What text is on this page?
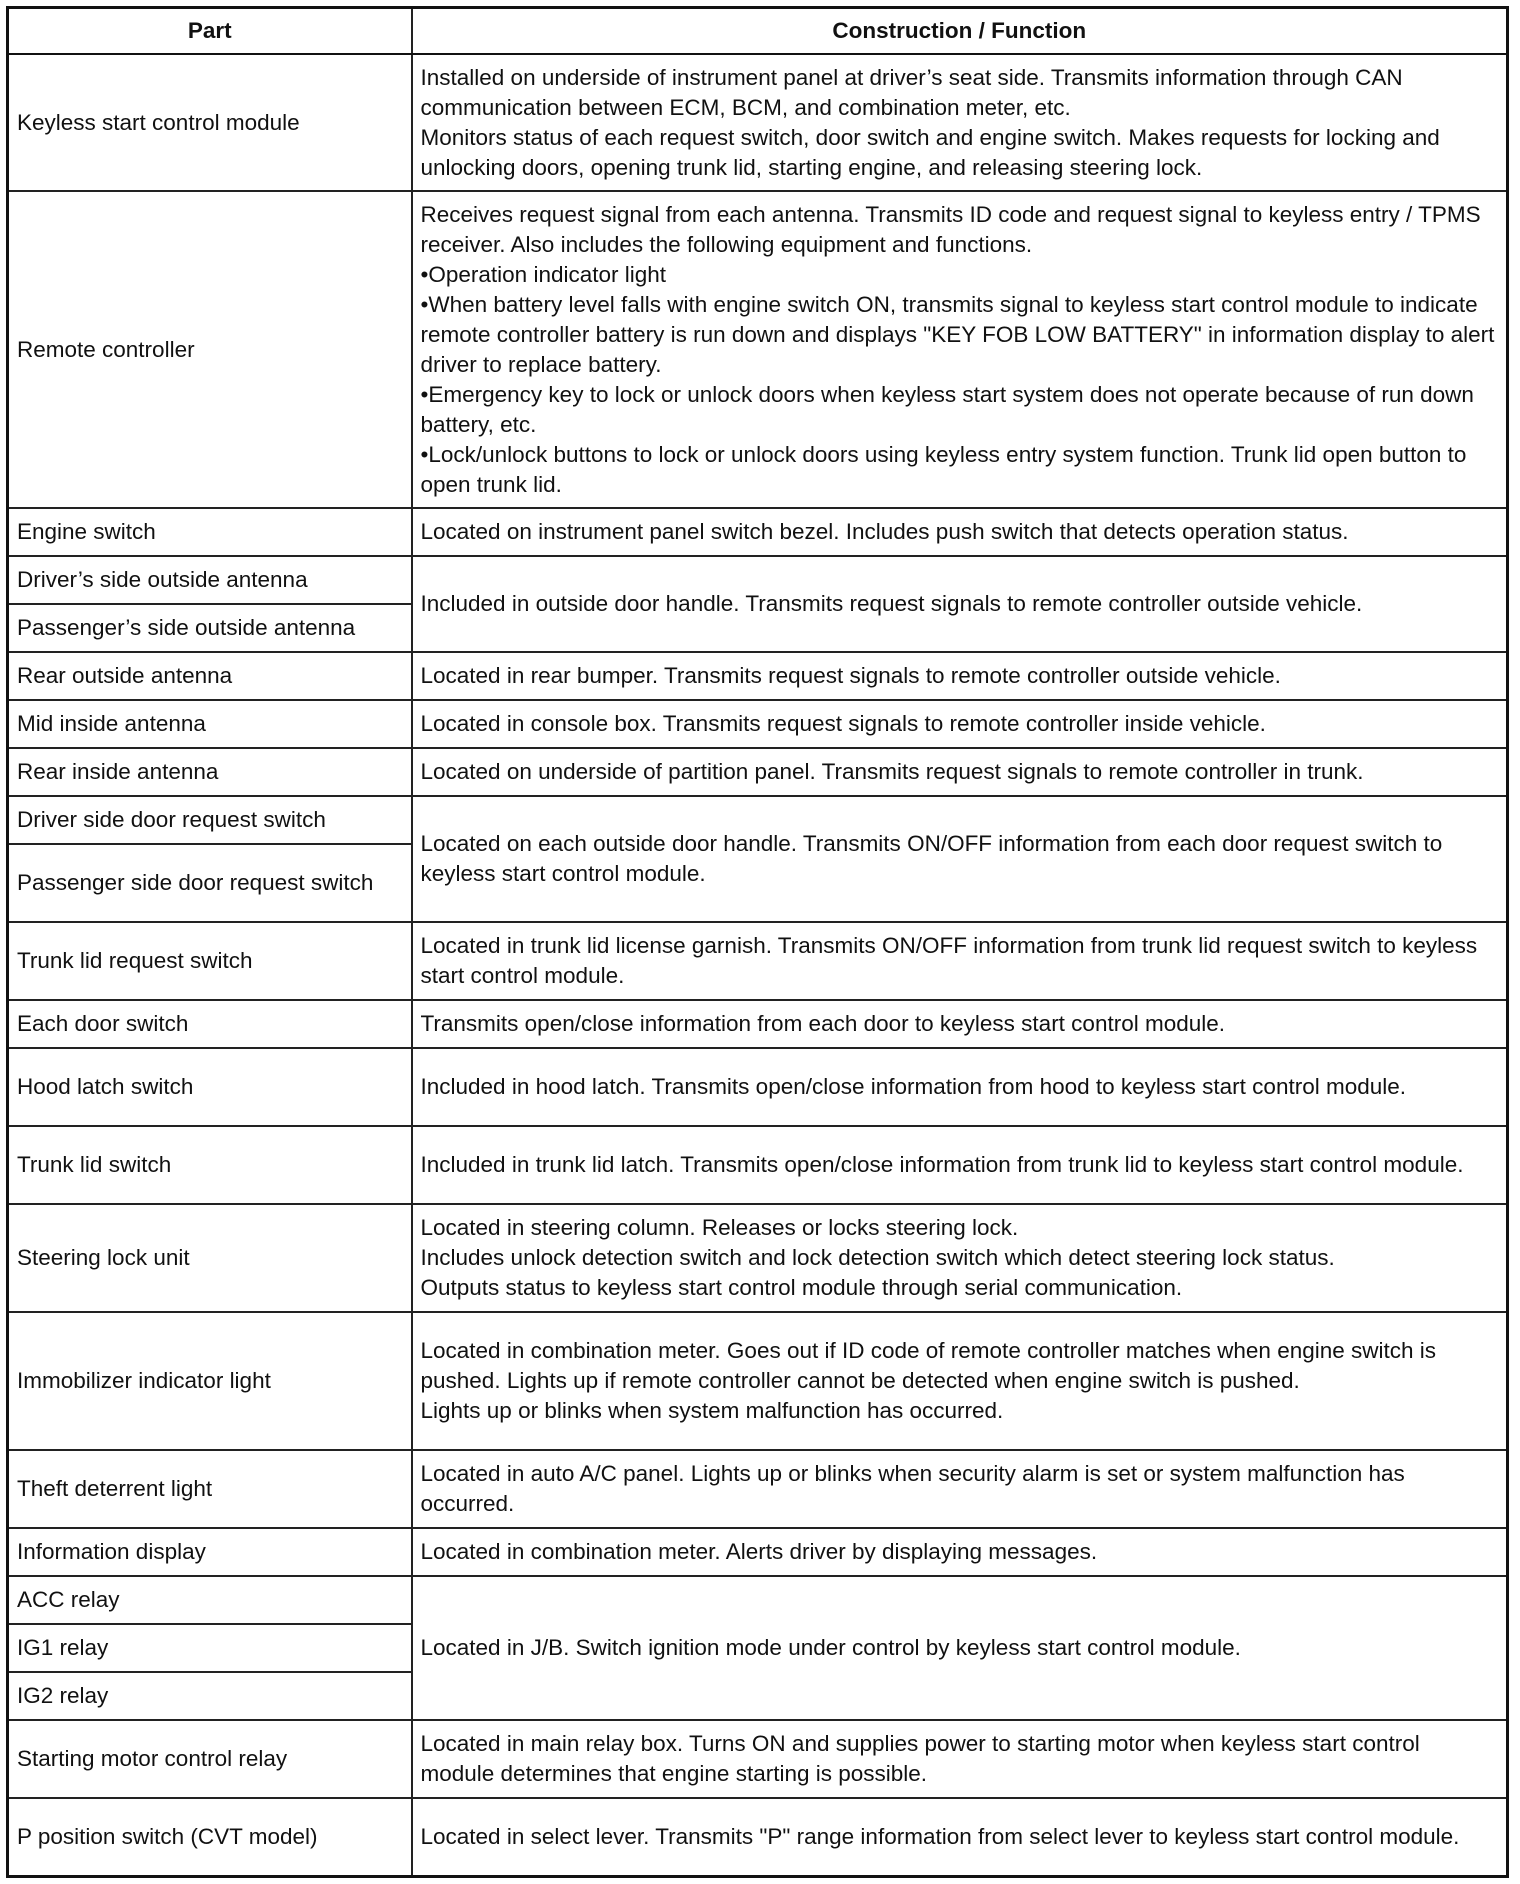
Part	Construction / Function
Keyless start control module	Installed on underside of instrument panel at driver’s seat side. Transmits information through CAN communication between ECM, BCM, and combination meter, etc.
Monitors status of each request switch, door switch and engine switch. Makes requests for locking and unlocking doors, opening trunk lid, starting engine, and releasing steering lock.

Remote controller	Receives request signal from each antenna. Transmits ID code and request signal to keyless entry / TPMS receiver. Also includes the following equipment and functions.
•Operation indicator light
•When battery level falls with engine switch ON, transmits signal to keyless start control module to indicate remote controller battery is run down and displays "KEY FOB LOW BATTERY" in information display to alert driver to replace battery.
•Emergency key to lock or unlock doors when keyless start system does not operate because of run down battery, etc.
•Lock/unlock buttons to lock or unlock doors using keyless entry system function. Trunk lid open button to open trunk lid.

Engine switch	Located on instrument panel switch bezel. Includes push switch that detects operation status.

Driver’s side outside antenna	Included in outside door handle. Transmits request signals to remote controller outside vehicle.

Passenger’s side outside antenna	
Rear outside antenna	Located in rear bumper. Transmits request signals to remote controller outside vehicle.

Mid inside antenna	Located in console box. Transmits request signals to remote controller inside vehicle.

Rear inside antenna	Located on underside of partition panel. Transmits request signals to remote controller in trunk.

Driver side door request switch	Located on each outside door handle. Transmits ON/OFF information from each door request switch to keyless start control module.

Passenger side door request switch	
Trunk lid request switch	Located in trunk lid license garnish. Transmits ON/OFF information from trunk lid request switch to keyless start control module.

Each door switch	Transmits open/close information from each door to keyless start control module.

Hood latch switch	Included in hood latch. Transmits open/close information from hood to keyless start control module.

Trunk lid switch	Included in trunk lid latch. Transmits open/close information from trunk lid to keyless start control module.

Steering lock unit	Located in steering column. Releases or locks steering lock.
Includes unlock detection switch and lock detection switch which detect steering lock status.
Outputs status to keyless start control module through serial communication.

Immobilizer indicator light	Located in combination meter. Goes out if ID code of remote controller matches when engine switch is pushed. Lights up if remote controller cannot be detected when engine switch is pushed.
Lights up or blinks when system malfunction has occurred.

Theft deterrent light	Located in auto A/C panel. Lights up or blinks when security alarm is set or system malfunction has occurred.

Information display	Located in combination meter. Alerts driver by displaying messages.

ACC relay	Located in J/B. Switch ignition mode under control by keyless start control module.

IG1 relay	
IG2 relay	
Starting motor control relay	Located in main relay box. Turns ON and supplies power to starting motor when keyless start control module determines that engine starting is possible.

P position switch (CVT model)	Located in select lever. Transmits "P" range information from select lever to keyless start control module.
